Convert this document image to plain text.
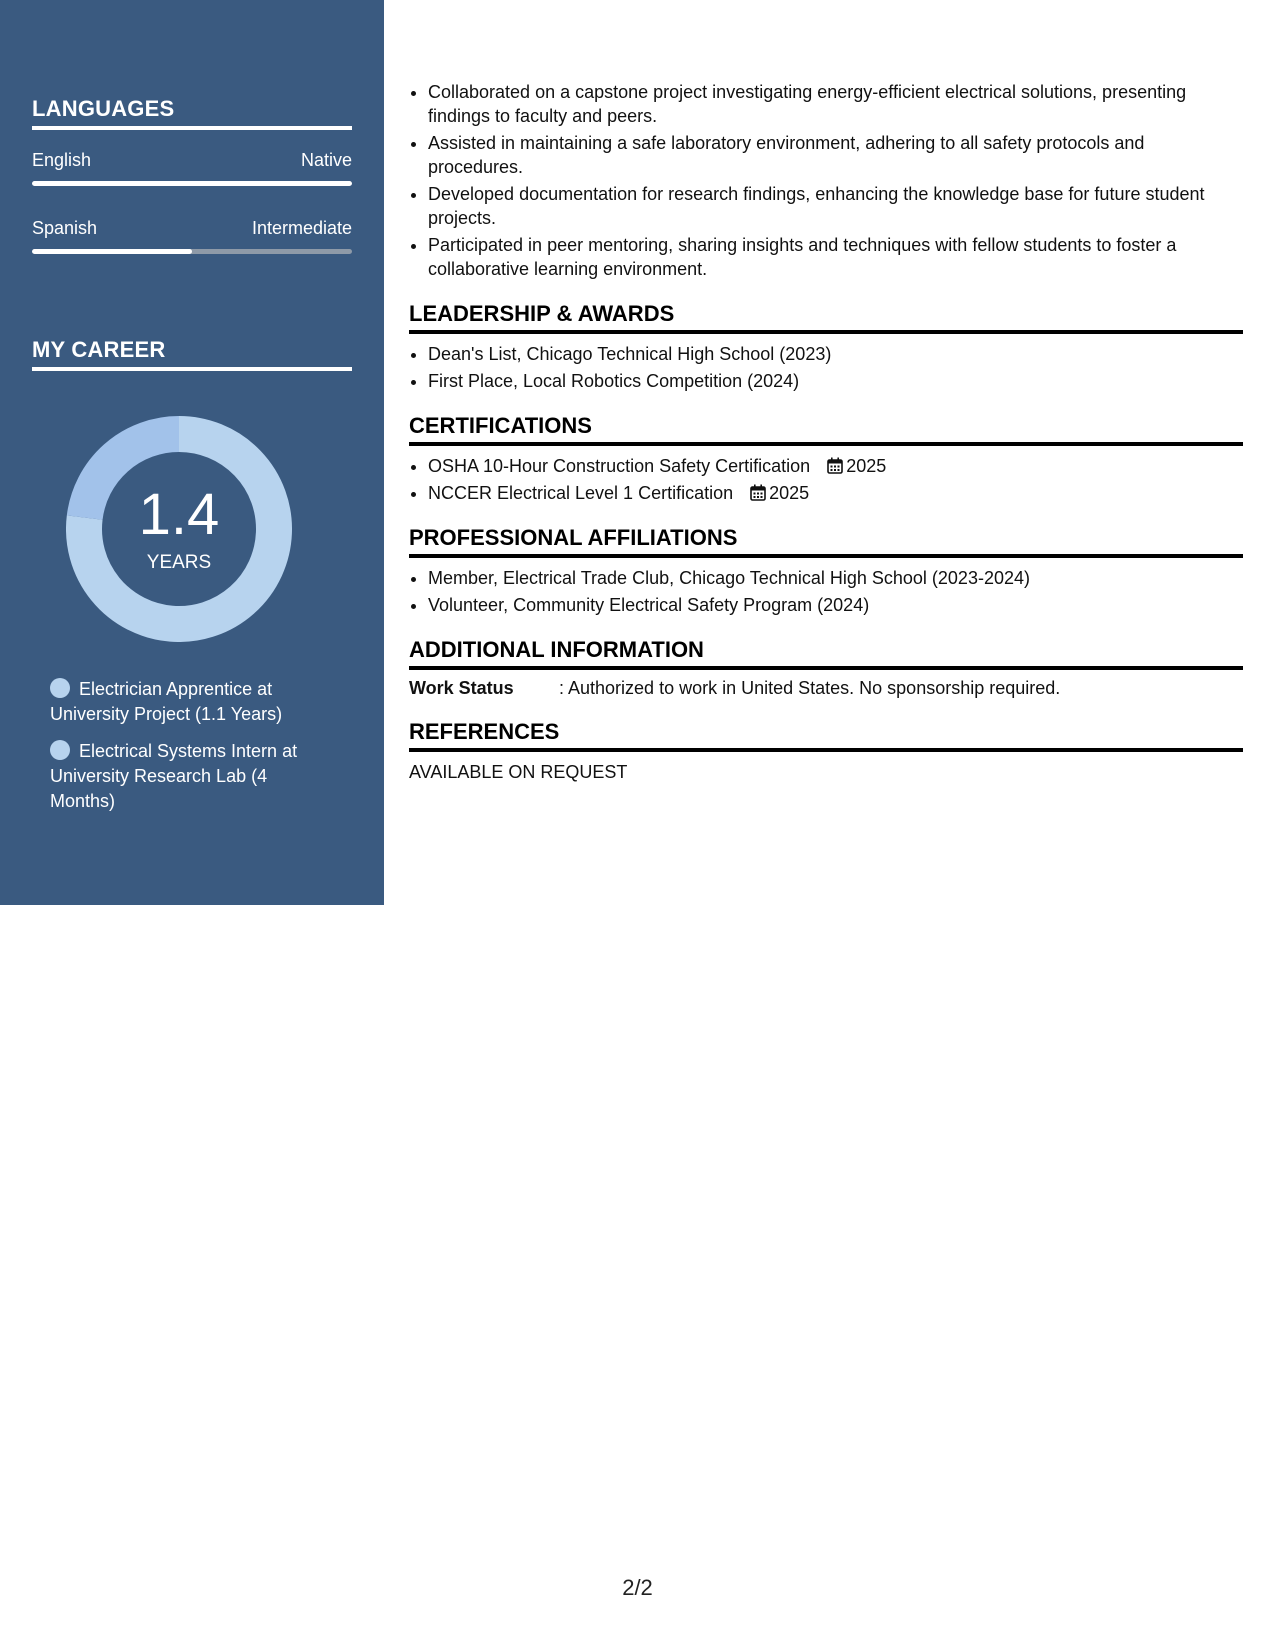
LANGUAGES
English	Native
Spanish	Intermediate
MY CAREER
1.4
YEARS
Electrician Apprentice at University Project (1.1 Years)
Electrical Systems Intern at University Research Lab (4 Months)
• Collaborated on a capstone project investigating energy-efficient electrical solutions, presenting findings to faculty and peers.
• Assisted in maintaining a safe laboratory environment, adhering to all safety protocols and procedures.
• Developed documentation for research findings, enhancing the knowledge base for future student projects.
• Participated in peer mentoring, sharing insights and techniques with fellow students to foster a collaborative learning environment.
LEADERSHIP & AWARDS
• Dean's List, Chicago Technical High School (2023)
• First Place, Local Robotics Competition (2024)
CERTIFICATIONS
• OSHA 10-Hour Construction Safety Certification 2025
• NCCER Electrical Level 1 Certification 2025
PROFESSIONAL AFFILIATIONS
• Member, Electrical Trade Club, Chicago Technical High School (2023-2024)
• Volunteer, Community Electrical Safety Program (2024)
ADDITIONAL INFORMATION
Work Status	: Authorized to work in United States. No sponsorship required.
REFERENCES
AVAILABLE ON REQUEST
2/2
